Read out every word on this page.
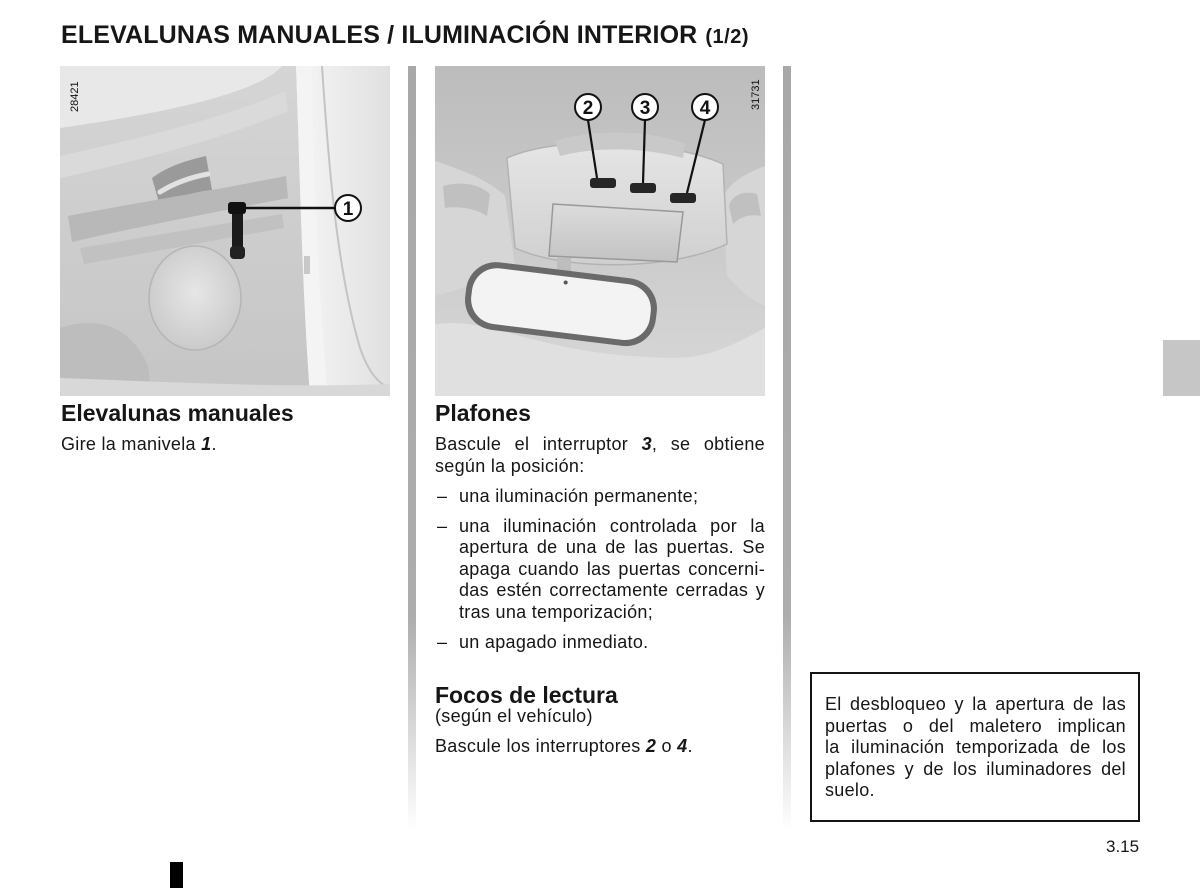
ELEVALUNAS MANUALES / ILUMINACIÓN INTERIOR (1/2)
1
28421	2 3	4	31731
Elevalunas manuales
Gire la manivela 1.
Plafones
Bascule el interruptor 3, se obtiene
según la posición:
– una iluminación permanente;
– una iluminación controlada por la
apertura de una de las puertas. Se
apaga cuando las puertas concerni-
das estén correctamente cerradas y
tras una temporización;
– un apagado inmediato.
Focos de lectura
(según el vehículo)
Bascule los interruptores 2 o 4.
El desbloqueo y la apertura de las
puertas o del maletero implican
la iluminación temporizada de los
plafones y de los iluminadores del
suelo.
3.15
